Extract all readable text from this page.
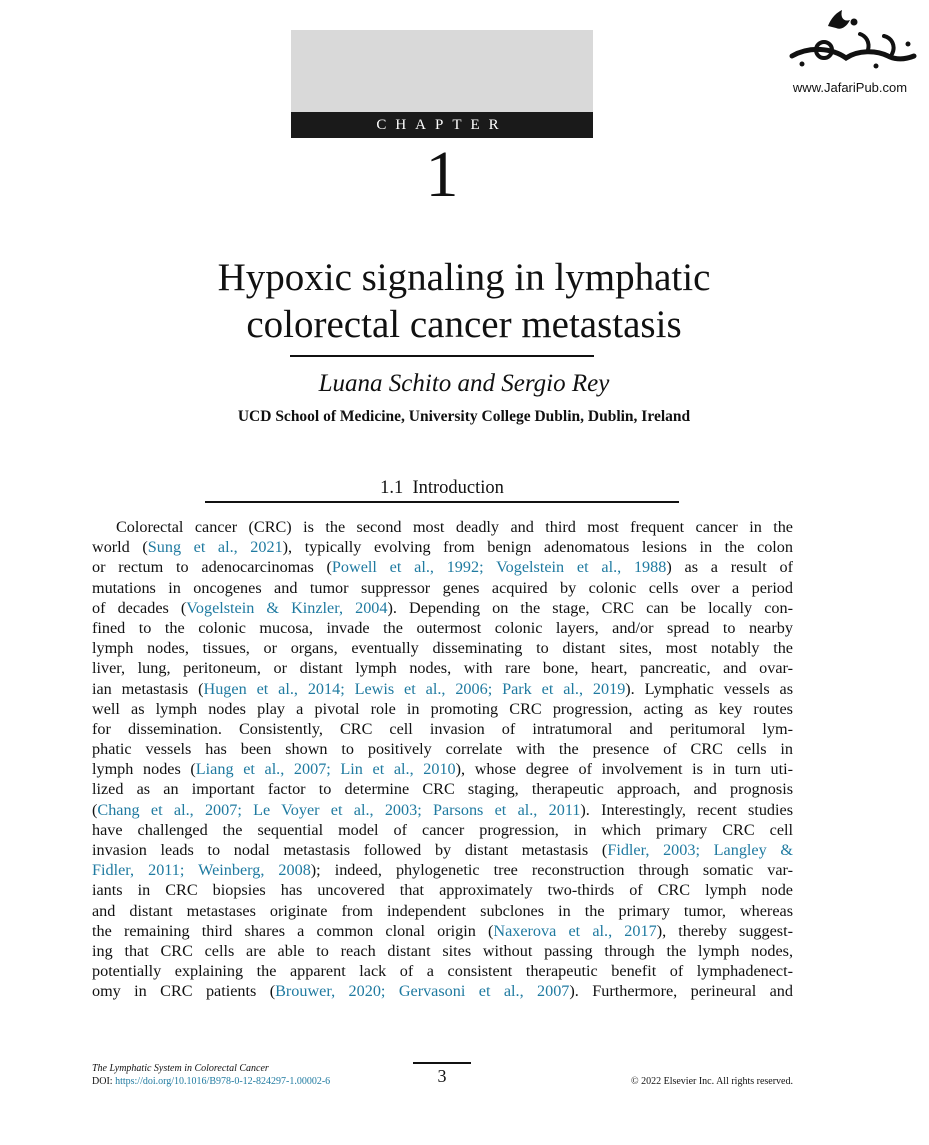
www.JafariPub.com
CHAPTER
1
Hypoxic signaling in lymphatic
colorectal cancer metastasis
Luana Schito and Sergio Rey
UCD School of Medicine, University College Dublin, Dublin, Ireland
1.1 Introduction
Colorectal cancer (CRC) is the second most deadly and third most frequent cancer in the
world (Sung et al., 2021), typically evolving from benign adenomatous lesions in the colon
or rectum to adenocarcinomas (Powell et al., 1992; Vogelstein et al., 1988) as a result of
mutations in oncogenes and tumor suppressor genes acquired by colonic cells over a period
of decades (Vogelstein & Kinzler, 2004). Depending on the stage, CRC can be locally con-
fined to the colonic mucosa, invade the outermost colonic layers, and/or spread to nearby
lymph nodes, tissues, or organs, eventually disseminating to distant sites, most notably the
liver, lung, peritoneum, or distant lymph nodes, with rare bone, heart, pancreatic, and ovar-
ian metastasis (Hugen et al., 2014; Lewis et al., 2006; Park et al., 2019). Lymphatic vessels as
well as lymph nodes play a pivotal role in promoting CRC progression, acting as key routes
for dissemination. Consistently, CRC cell invasion of intratumoral and peritumoral lym-
phatic vessels has been shown to positively correlate with the presence of CRC cells in
lymph nodes (Liang et al., 2007; Lin et al., 2010), whose degree of involvement is in turn uti-
lized as an important factor to determine CRC staging, therapeutic approach, and prognosis
(Chang et al., 2007; Le Voyer et al., 2003; Parsons et al., 2011). Interestingly, recent studies
have challenged the sequential model of cancer progression, in which primary CRC cell
invasion leads to nodal metastasis followed by distant metastasis (Fidler, 2003; Langley &
Fidler, 2011; Weinberg, 2008); indeed, phylogenetic tree reconstruction through somatic var-
iants in CRC biopsies has uncovered that approximately two-thirds of CRC lymph node
and distant metastases originate from independent subclones in the primary tumor, whereas
the remaining third shares a common clonal origin (Naxerova et al., 2017), thereby suggest-
ing that CRC cells are able to reach distant sites without passing through the lymph nodes,
potentially explaining the apparent lack of a consistent therapeutic benefit of lymphadenect-
omy in CRC patients (Brouwer, 2020; Gervasoni et al., 2007). Furthermore, perineural and
The Lymphatic System in Colorectal Cancer
DOI: https://doi.org/10.1016/B978-0-12-824297-1.00002-6	3	© 2022 Elsevier Inc. All rights reserved.
